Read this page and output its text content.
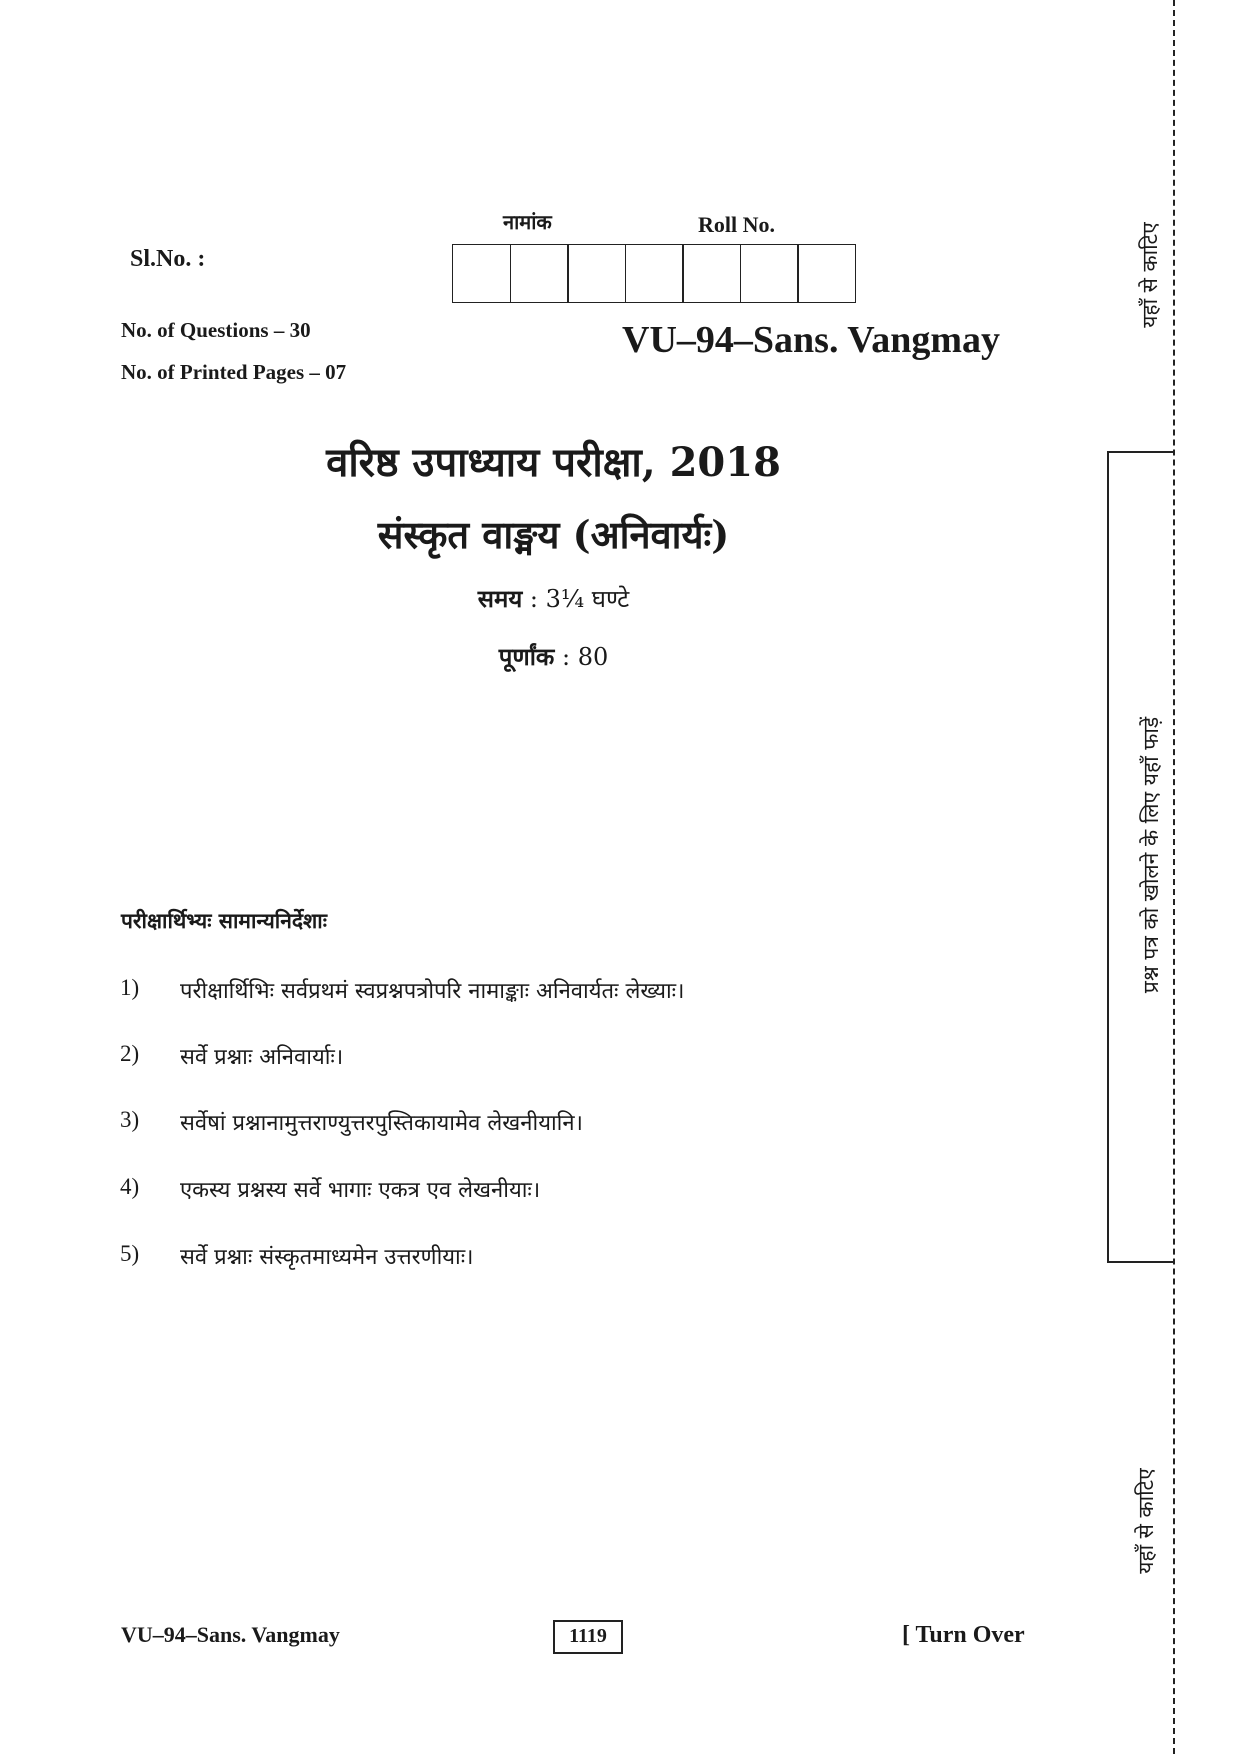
Sl.No. :
नामांक	Roll No.
No. of Questions – 30
No. of Printed Pages – 07
VU–94–Sans. Vangmay
वरिष्ठ उपाध्याय परीक्षा, 2018
संस्कृत वाङ्मय (अनिवार्यः)
समय : 3¼ घण्टे
पूर्णांक : 80
परीक्षार्थिभ्यः सामान्यनिर्देशाः
1)	परीक्षार्थिभिः सर्वप्रथमं स्वप्रश्नपत्रोपरि नामाङ्काः अनिवार्यतः लेख्याः।
2)	सर्वे प्रश्नाः अनिवार्याः।
3)	सर्वेषां प्रश्नानामुत्तराण्युत्तरपुस्तिकायामेव लेखनीयानि।
4)	एकस्य प्रश्नस्य सर्वे भागाः एकत्र एव लेखनीयाः।
5)	सर्वे प्रश्नाः संस्कृतमाध्यमेन उत्तरणीयाः।
यहाँ से काटिए
प्रश्न पत्र को खोलने के लिए यहाँ फाड़ें
यहाँ से काटिए
VU–94–Sans. Vangmay	1119	[ Turn Over
